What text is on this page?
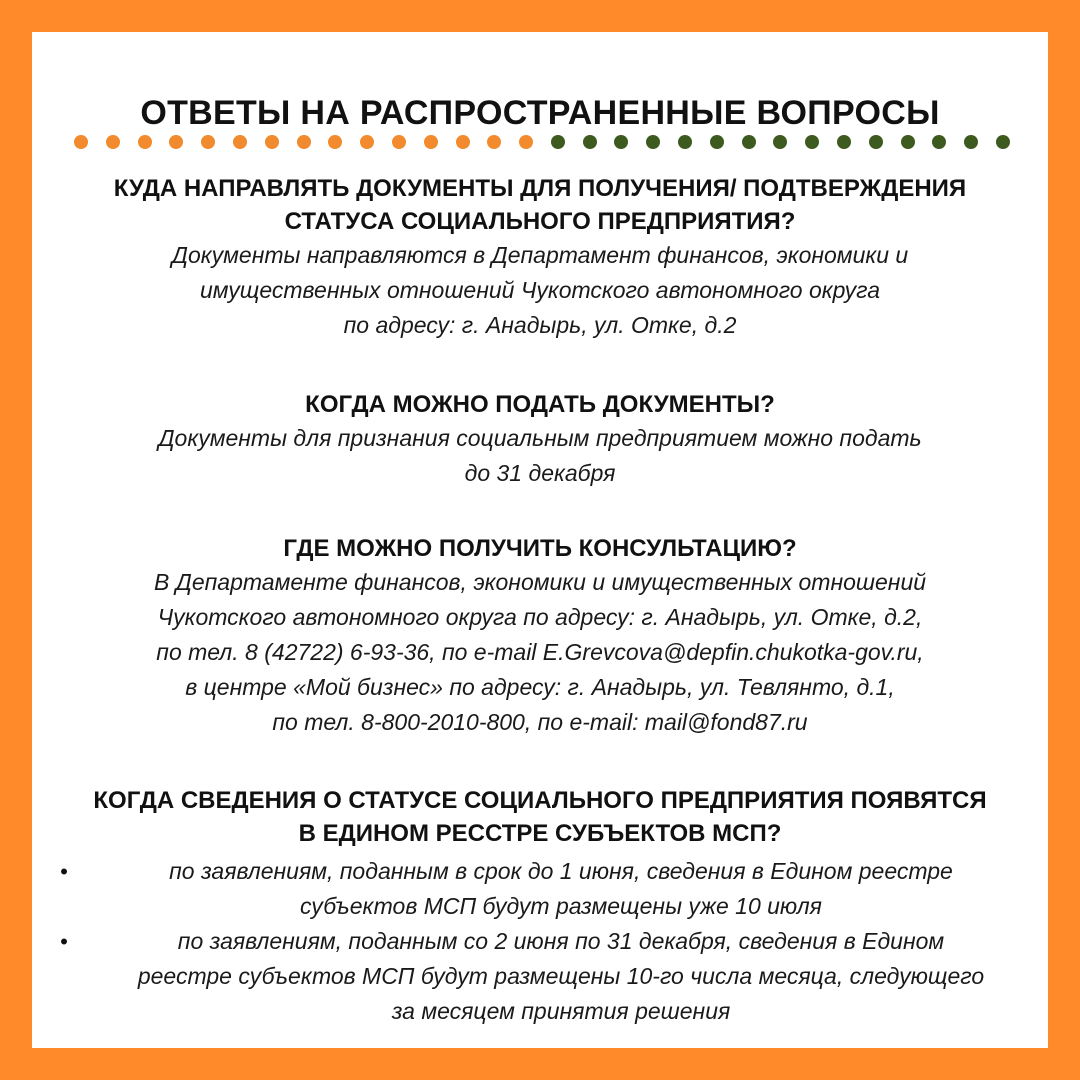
ОТВЕТЫ НА РАСПРОСТРАНЕННЫЕ ВОПРОСЫ
КУДА НАПРАВЛЯТЬ ДОКУМЕНТЫ ДЛЯ ПОЛУЧЕНИЯ/ ПОДТВЕРЖДЕНИЯ
СТАТУСА СОЦИАЛЬНОГО ПРЕДПРИЯТИЯ?
Документы направляются в Департамент финансов, экономики и
имущественных отношений Чукотского автономного округа
по адресу: г. Анадырь, ул. Отке, д.2
КОГДА МОЖНО ПОДАТЬ ДОКУМЕНТЫ?
Документы для признания социальным предприятием можно подать
до 31 декабря
ГДЕ МОЖНО ПОЛУЧИТЬ КОНСУЛЬТАЦИЮ?
В Департаменте финансов, экономики и имущественных отношений
Чукотского автономного округа по адресу: г. Анадырь, ул. Отке, д.2,
по тел. 8 (42722) 6-93-36, по e-mail E.Grevcova@depfin.chukotka-gov.ru,
в центре «Мой бизнес» по адресу: г. Анадырь, ул. Тевлянто, д.1,
по тел. 8-800-2010-800, по e-mail: mail@fond87.ru
КОГДА СВЕДЕНИЯ О СТАТУСЕ СОЦИАЛЬНОГО ПРЕДПРИЯТИЯ ПОЯВЯТСЯ
В ЕДИНОМ РЕССТРЕ СУБЪЕКТОВ МСП?
•	по заявлениям, поданным в срок до 1 июня, сведения в Едином реестре
субъектов МСП будут размещены уже 10 июля
•	по заявлениям, поданным со 2 июня по 31 декабря, сведения в Едином
реестре субъектов МСП будут размещены 10-го числа месяца, следующего
за месяцем принятия решения
